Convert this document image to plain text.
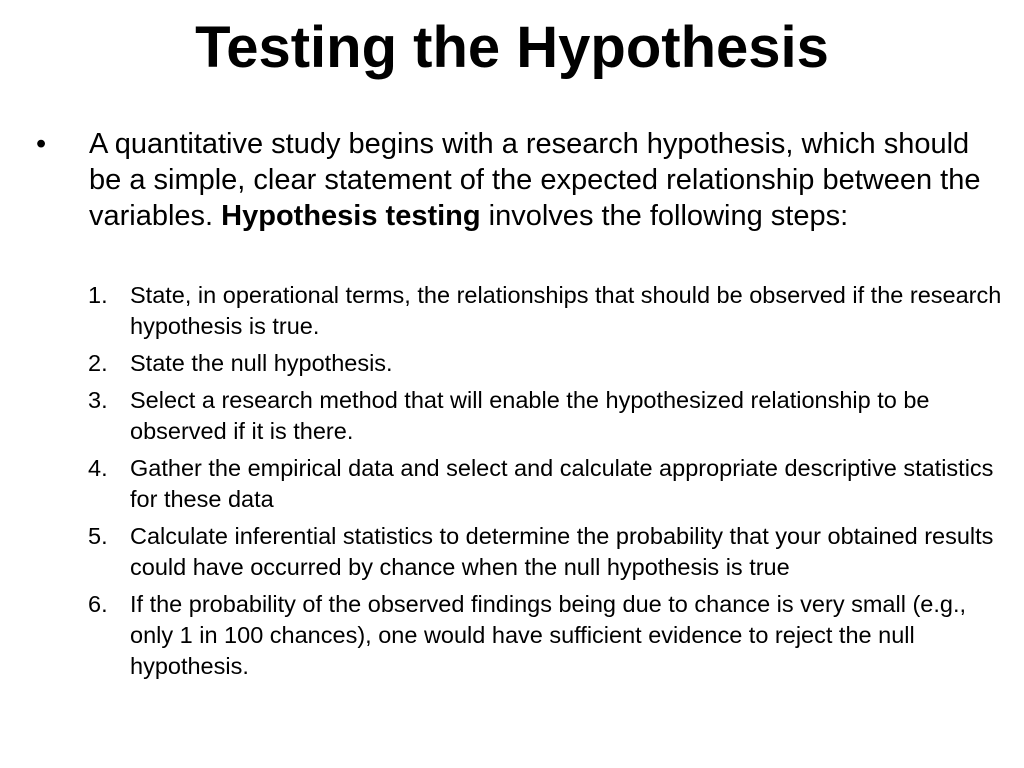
Testing the Hypothesis
• A quantitative study begins with a research hypothesis, which should be a simple, clear statement of the expected relationship between the variables. Hypothesis testing involves the following steps:
1. State, in operational terms, the relationships that should be observed if the research hypothesis is true.
2. State the null hypothesis.
3. Select a research method that will enable the hypothesized relationship to be observed if it is there.
4. Gather the empirical data and select and calculate appropriate descriptive statistics for these data
5. Calculate inferential statistics to determine the probability that your obtained results could have occurred by chance when the null hypothesis is true
6. If the probability of the observed findings being due to chance is very small (e.g., only 1 in 100 chances), one would have sufficient evidence to reject the null hypothesis.
